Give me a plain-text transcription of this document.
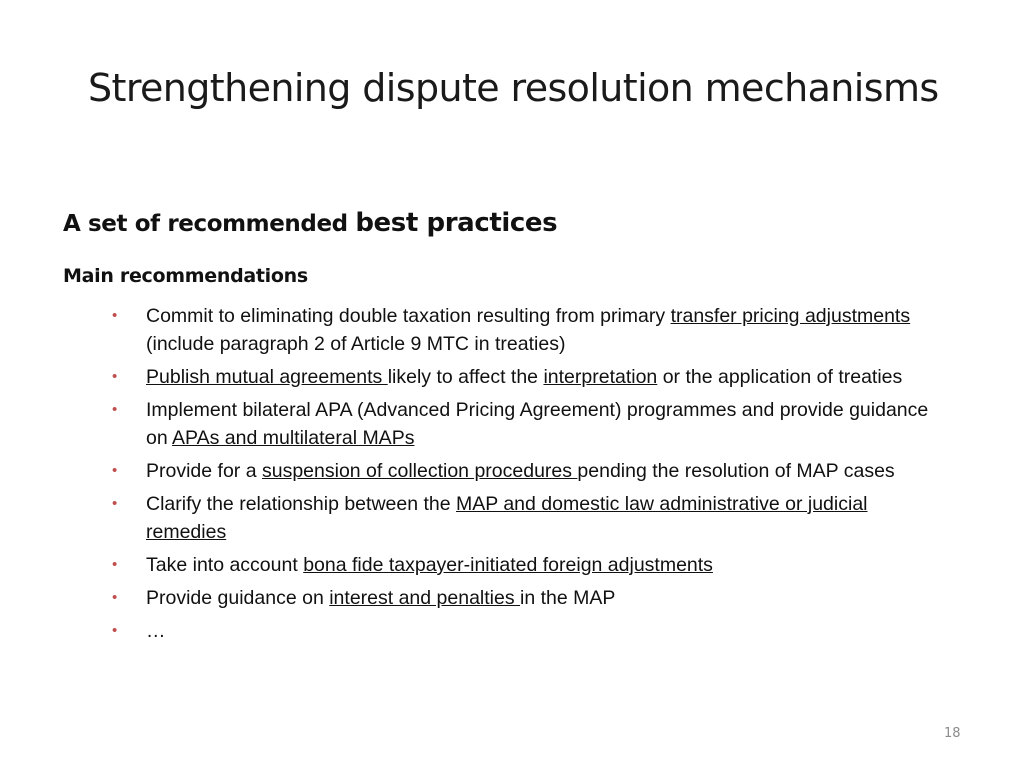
Strengthening dispute resolution mechanisms
A set of recommended best practices
Main recommendations
• Commit to eliminating double taxation resulting from primary transfer pricing adjustments (include paragraph 2 of Article 9 MTC in treaties)
• Publish mutual agreements likely to affect the interpretation or the application of treaties
• Implement bilateral APA (Advanced Pricing Agreement) programmes and provide guidance on APAs and multilateral MAPs
• Provide for a suspension of collection procedures pending the resolution of MAP cases
• Clarify the relationship between the MAP and domestic law administrative or judicial remedies
• Take into account bona fide taxpayer-initiated foreign adjustments
• Provide guidance on interest and penalties in the MAP
• …
18
